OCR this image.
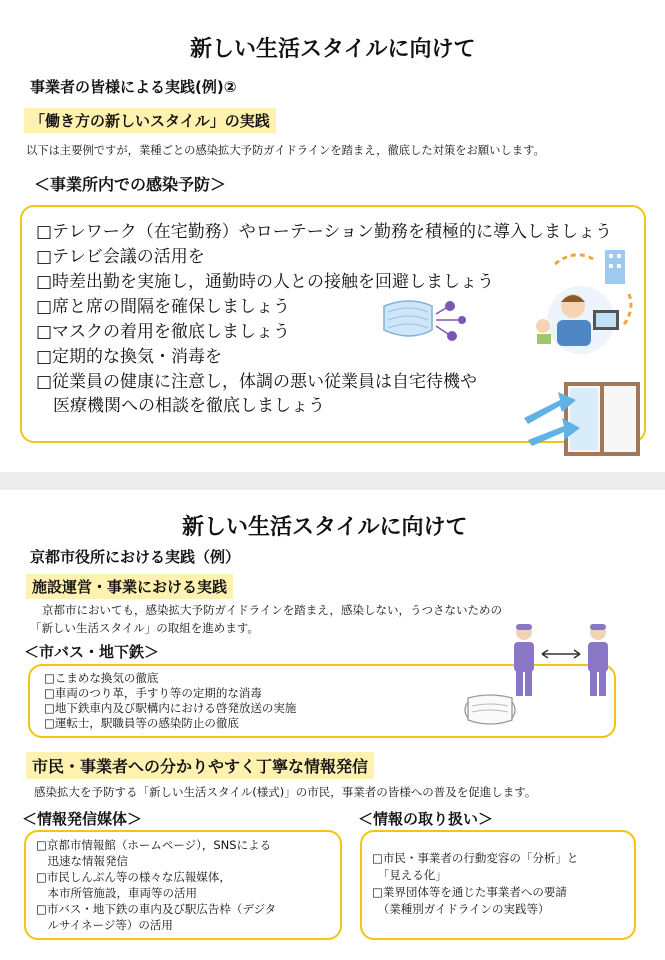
新しい生活スタイルに向けて
事業者の皆様による実践(例)②
「働き方の新しいスタイル」の実践
以下は主要例ですが，業種ごとの感染拡大予防ガイドラインを踏まえ，徹底した対策をお願いします。
＜事業所内での感染予防＞
□テレワーク（在宅勤務）やローテーション勤務を積極的に導入しましょう
□テレビ会議の活用を
□時差出勤を実施し，通勤時の人との接触を回避しましょう
□席と席の間隔を確保しましょう
□マスクの着用を徹底しましょう
□定期的な換気・消毒を
□従業員の健康に注意し，体調の悪い従業員は自宅待機や
　医療機関への相談を徹底しましょう
新しい生活スタイルに向けて
京都市役所における実践（例）
施設運営・事業における実践
京都市においても，感染拡大予防ガイドラインを踏まえ，感染しない，うつさないための
「新しい生活スタイル」の取組を進めます。
＜市バス・地下鉄＞
□こまめな換気の徹底
□車両のつり革，手すり等の定期的な消毒
□地下鉄車内及び駅構内における啓発放送の実施
□運転士，駅職員等の感染防止の徹底
市民・事業者への分かりやすく丁寧な情報発信
感染拡大を予防する「新しい生活スタイル(様式)」の市民，事業者の皆様への普及を促進します。
＜情報発信媒体＞
□京都市情報館（ホームページ），SNSによる
　迅速な情報発信
□市民しんぶん等の様々な広報媒体，
　本市所管施設，車両等の活用
□市バス・地下鉄の車内及び駅広告枠（デジタ
　ルサイネージ等）の活用
＜情報の取り扱い＞
□市民・事業者の行動変容の「分析」と
　「見える化」
□業界団体等を通じた事業者への要請
　（業種別ガイドラインの実践等）
